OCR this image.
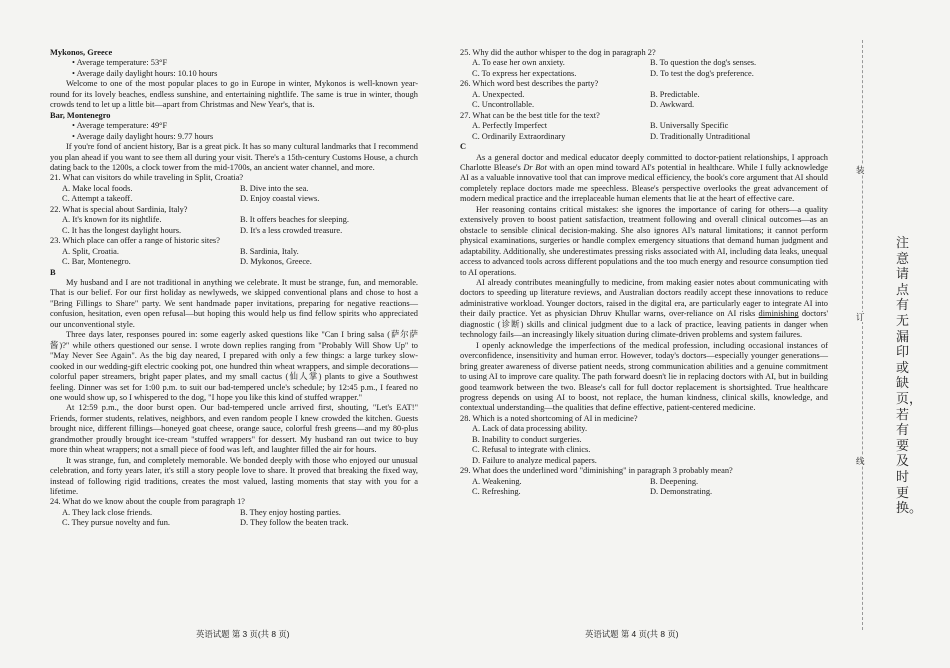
Mykonos, Greece

• Average temperature: 53°F

• Average daily daylight hours: 10.10 hours

Welcome to one of the most popular places to go in Europe in winter, Mykonos is well-known year-round for its lovely beaches, endless sunshine, and entertaining nightlife. The same is true in winter, though crowds tend to let up a little bit—apart from Christmas and New Year's, that is.

Bar, Montenegro

• Average temperature: 49°F

• Average daily daylight hours: 9.77 hours

If you're fond of ancient history, Bar is a great pick. It has so many cultural landmarks that I recommend you plan ahead if you want to see them all during your visit. There's a 15th-century Customs House, a church dating back to the 1200s, a clock tower from the mid-1700s, an ancient water channel, and more.

21. What can visitors do while traveling in Split, Croatia?

A. Make local foods.	B. Dive into the sea.
C. Attempt a takeoff.	D. Enjoy coastal views.

22. What is special about Sardinia, Italy?

A. It's known for its nightlife.	B. It offers beaches for sleeping.
C. It has the longest daylight hours.	D. It's a less crowded treasure.

23. Which place can offer a range of historic sites?

A. Split, Croatia.	B. Sardinia, Italy.
C. Bar, Montenegro.	D. Mykonos, Greece.

B

My husband and I are not traditional in anything we celebrate. It must be strange, fun, and memorable. That is our belief. For our first holiday as newlyweds, we skipped conventional plans and chose to host a "Bring Fillings to Share" party. We sent handmade paper invitations, preparing for negative reactions—confusion, hesitation, even open refusal—but hoping this would help us find fellow spirits who appreciated our unconventional style.

Three days later, responses poured in: some eagerly asked questions like "Can I bring salsa (萨尔萨酱)?" while others questioned our sense. I wrote down replies ranging from "Probably Will Show Up" to "May Never See Again". As the big day neared, I prepared with only a few things: a large turkey slow-cooked in our wedding-gift electric cooking pot, one hundred thin wheat wrappers, and simple decorations—colorful paper streamers, bright paper plates, and my small cactus (仙人掌) plants to give a Southwest feeling. Dinner was set for 1:00 p.m. to suit our bad-tempered uncle's schedule; by 12:45 p.m., I feared no one would show up, so I whispered to the dog, "I hope you like this kind of stuffed wrapper."

At 12:59 p.m., the door burst open. Our bad-tempered uncle arrived first, shouting, "Let's EAT!" Friends, former students, relatives, neighbors, and even random people I knew crowded the kitchen. Guests brought nice, different fillings—honeyed goat cheese, orange sauce, colorful fresh greens—and my 80-plus grandmother proudly brought ice-cream "stuffed wrappers" for dessert. My husband ran out twice to buy more thin wheat wrappers; not a small piece of food was left, and laughter filled the air for hours.

It was strange, fun, and completely memorable. We bonded deeply with those who enjoyed our unusual celebration, and forty years later, it's still a story people love to share. It proved that breaking the fixed way, instead of following rigid traditions, creates the most valued, lasting moments that stay with you for a lifetime.

24. What do we know about the couple from paragraph 1?

A. They lack close friends.	B. They enjoy hosting parties.
C. They pursue novelty and fun.	D. They follow the beaten track.

25. Why did the author whisper to the dog in paragraph 2?

A. To ease her own anxiety.	B. To question the dog's senses.
C. To express her expectations.	D. To test the dog's preference.

26. Which word best describes the party?

A. Unexpected.	B. Predictable.
C. Uncontrollable.	D. Awkward.

27. What can be the best title for the text?

A. Perfectly Imperfect	B. Universally Specific
C. Ordinarily Extraordinary	D. Traditionally Untraditional

C

As a general doctor and medical educator deeply committed to doctor-patient relationships, I approach Charlotte Blease's Dr Bot with an open mind toward AI's potential in healthcare. While I fully acknowledge AI as a valuable innovative tool that can improve medical efficiency, the book's core argument that AI should completely replace doctors made me speechless. Blease's perspective overlooks the great advancement of modern medical practice and the irreplaceable human elements that lie at the heart of effective care.

Her reasoning contains critical mistakes: she ignores the importance of caring for others—a quality extensively proven to boost patient satisfaction, treatment following and overall clinical outcomes—as an obstacle to sensible clinical decision-making. She also ignores AI's natural limitations; it cannot perform physical examinations, surgeries or handle complex emergency situations that demand human judgment and adaptability. Additionally, she underestimates pressing risks associated with AI, including data leaks, unequal access to advanced tools across different populations and the too much energy and resource consumption tied to AI operations.

AI already contributes meaningfully to medicine, from making easier notes about communicating with doctors to speeding up literature reviews, and Australian doctors readily accept these innovations to reduce administrative workload. Younger doctors, raised in the digital era, are particularly eager to integrate AI into their daily practice. Yet as physician Dhruv Khullar warns, over-reliance on AI risks diminishing doctors' diagnostic (诊断) skills and clinical judgment due to a lack of practice, leaving patients in danger when technology fails—an increasingly likely situation during climate-driven problems and system failures.

I openly acknowledge the imperfections of the medical profession, including occasional instances of overconfidence, insensitivity and human error. However, today's doctors—especially younger generations—bring greater awareness of diverse patient needs, strong communication abilities and a genuine commitment to using AI to improve care quality. The path forward doesn't lie in replacing doctors with AI, but in building good teamwork between the two. Blease's call for full doctor replacement is shortsighted. True healthcare progress depends on using AI to boost, not replace, the human kindness, clinical skills, knowledge, and contextual understanding—the qualities that define effective, patient-centered medicine.

28. Which is a noted shortcoming of AI in medicine?

A. Lack of data processing ability.

B. Inability to conduct surgeries.

C. Refusal to integrate with clinics.

D. Failure to analyze medical papers.

29. What does the underlined word "diminishing" in paragraph 3 probably mean?

A. Weakening.	B. Deepening.
C. Refreshing.	D. Demonstrating.
英语试题 第 3 页(共 8 页)	英语试题 第 4 页(共 8 页)
装
订
线
注意请点有无漏印或缺页，若有要及时更换。
